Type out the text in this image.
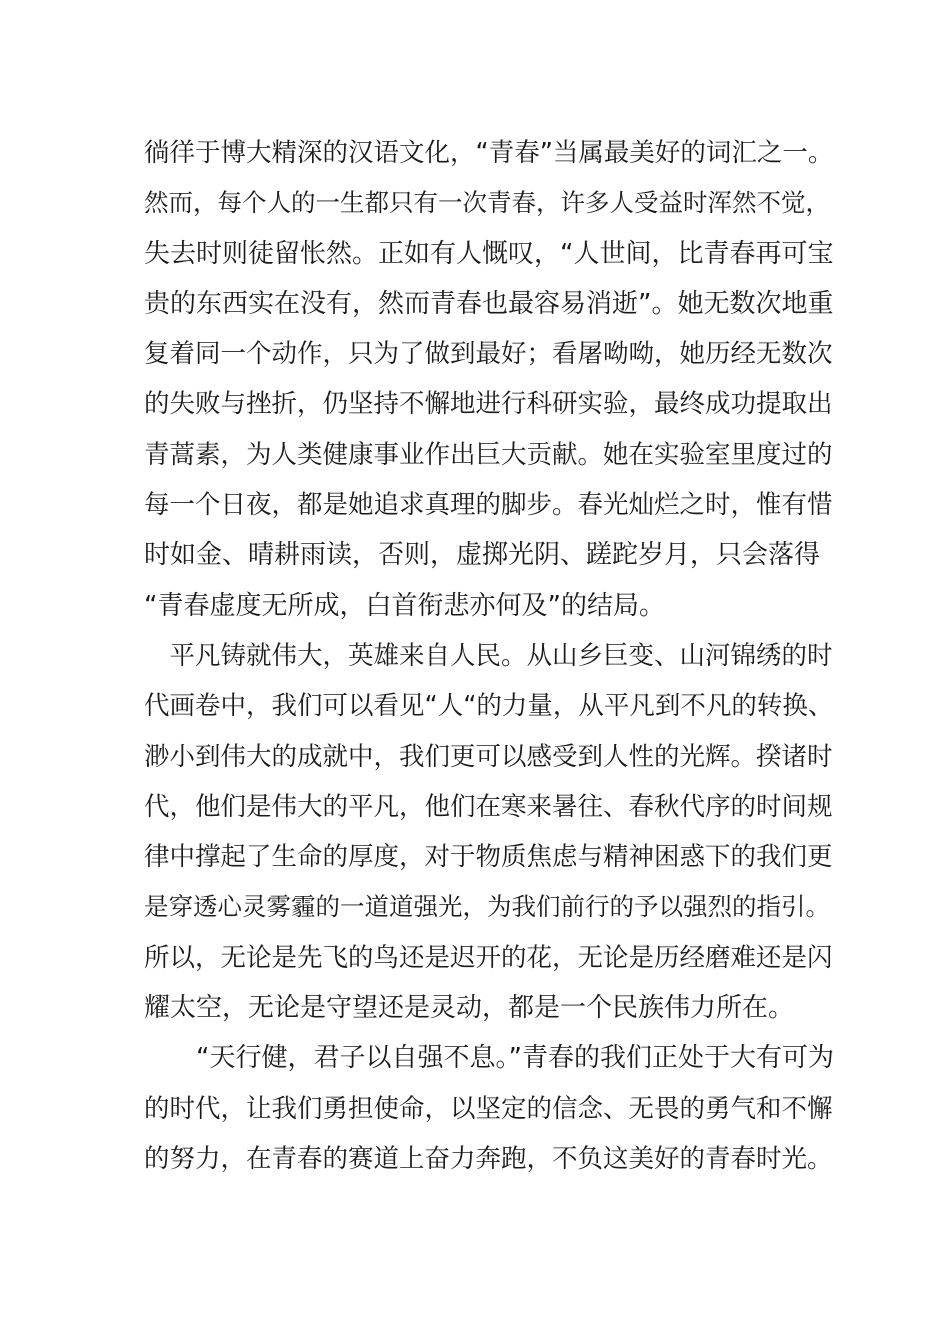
徜徉于博大精深的汉语文化，“青春”当属最美好的词汇之一。
然而，每个人的一生都只有一次青春，许多人受益时浑然不觉，
失去时则徒留怅然。正如有人慨叹，“人世间，比青春再可宝
贵的东西实在没有，然而青春也最容易消逝”。她无数次地重
复着同一个动作，只为了做到最好；看屠呦呦，她历经无数次
的失败与挫折，仍坚持不懈地进行科研实验，最终成功提取出
青蒿素，为人类健康事业作出巨大贡献。她在实验室里度过的
每一个日夜，都是她追求真理的脚步。春光灿烂之时，惟有惜
时如金、晴耕雨读，否则，虚掷光阴、蹉跎岁月，只会落得
“青春虚度无所成，白首衔悲亦何及”的结局。
　平凡铸就伟大，英雄来自人民。从山乡巨变、山河锦绣的时
代画卷中，我们可以看见“人“的力量，从平凡到不凡的转换、
渺小到伟大的成就中，我们更可以感受到人性的光辉。揆诸时
代，他们是伟大的平凡，他们在寒来暑往、春秋代序的时间规
律中撑起了生命的厚度，对于物质焦虑与精神困惑下的我们更
是穿透心灵雾霾的一道道强光，为我们前行的予以强烈的指引。
所以，无论是先飞的鸟还是迟开的花，无论是历经磨难还是闪
耀太空，无论是守望还是灵动，都是一个民族伟力所在。
　　“天行健，君子以自强不息。”青春的我们正处于大有可为
的时代，让我们勇担使命，以坚定的信念、无畏的勇气和不懈
的努力，在青春的赛道上奋力奔跑，不负这美好的青春时光。
